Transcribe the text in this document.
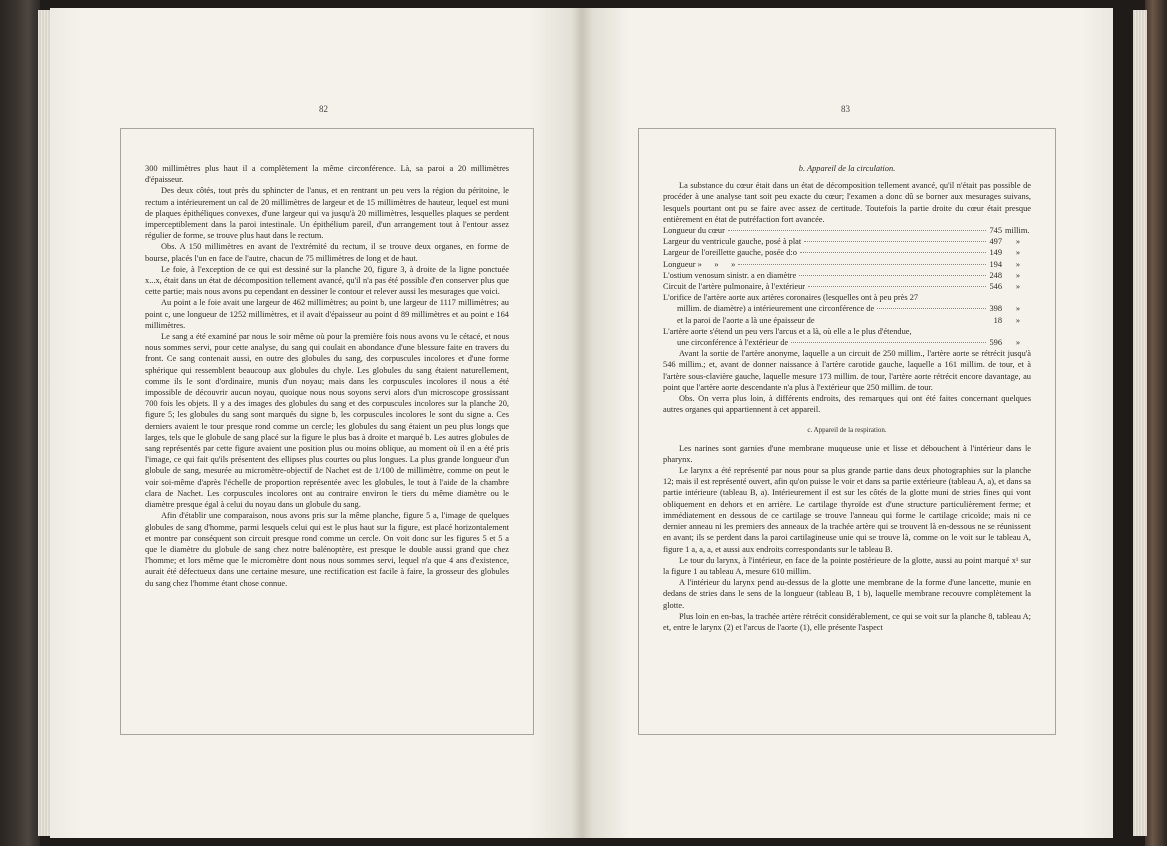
82

300 millimètres plus haut il a complètement la même circonférence. Là, sa paroi a 20 millimètres d'épaisseur.

Des deux côtés, tout près du sphincter de l'anus, et en rentrant un peu vers la région du péritoine, le rectum a intérieurement un cal de 20 millimètres de largeur et de 15 millimètres de hauteur, lequel est muni de plaques épithéliques convexes, d'une largeur qui va jusqu'à 20 millimètres, lesquelles plaques se perdent imperceptiblement dans la paroi intestinale. Un épithélium pareil, d'un arrangement tout à l'entour assez régulier de forme, se trouve plus haut dans le rectum.

Obs. A 150 millimètres en avant de l'extrémité du rectum, il se trouve deux organes, en forme de bourse, placés l'un en face de l'autre, chacun de 75 millimètres de long et de haut.

Le foie, à l'exception de ce qui est dessiné sur la planche 20, figure 3, à droite de la ligne ponctuée x...x, était dans un état de décomposition tellement avancé, qu'il n'a pas été possible d'en conserver plus que cette partie; mais nous avons pu cependant en dessiner le contour et relever aussi les mesurages que voici.

Au point a le foie avait une largeur de 462 millimètres; au point b, une largeur de 1117 millimètres; au point c, une longueur de 1252 millimètres, et il avait d'épaisseur au point d 89 millimètres et au point e 164 millimètres.

Le sang a été examiné par nous le soir même où pour la première fois nous avons vu le cétacé, et nous nous sommes servi, pour cette analyse, du sang qui coulait en abondance d'une blessure faite en travers du front. Ce sang contenait aussi, en outre des globules du sang, des corpuscules incolores et d'une forme sphérique qui ressemblent beaucoup aux globules du chyle. Les globules du sang étaient naturellement, comme ils le sont d'ordinaire, munis d'un noyau; mais dans les corpuscules incolores il nous a été impossible de découvrir aucun noyau, quoique nous nous soyons servi alors d'un microscope grossissant 700 fois les objets. Il y a des images des globules du sang et des corpuscules incolores sur la planche 20, figure 5; les globules du sang sont marqués du signe b, les corpuscules incolores le sont du signe a. Ces derniers avaient le tour presque rond comme un cercle; les globules du sang étaient un peu plus longs que larges, tels que le globule de sang placé sur la figure le plus bas à droite et marqué b. Les autres globules de sang représentés par cette figure avaient une position plus ou moins oblique, au moment où il en a été pris l'image, ce qui fait qu'ils présentent des ellipses plus courtes ou plus longues. La plus grande longueur d'un globule de sang, mesurée au micromètre-objectif de Nachet est de 1/100 de millimètre, comme on peut le voir soi-même d'après l'échelle de proportion représentée avec les globules, le tout à l'aide de la chambre clara de Nachet. Les corpuscules incolores ont au contraire environ le tiers du même diamètre ou le diamètre presque égal à celui du noyau dans un globule du sang.

Afin d'établir une comparaison, nous avons pris sur la même planche, figure 5 a, l'image de quelques globules de sang d'homme, parmi lesquels celui qui est le plus haut sur la figure, est placé horizontalement et montre par conséquent son circuit presque rond comme un cercle. On voit donc sur les figures 5 et 5 a que le diamètre du globule de sang chez notre balénoptère, est presque le double aussi grand que chez l'homme; et lors même que le micromètre dont nous nous sommes servi, lequel n'a que 4 ans d'existence, aurait été défectueux dans une certaine mesure, une rectification est facile à faire, la grosseur des globules du sang chez l'homme étant chose connue.

83
b. Appareil de la circulation.

La substance du cœur était dans un état de décomposition tellement avancé, qu'il n'était pas possible de procéder à une analyse tant soit peu exacte du cœur; l'examen a donc dû se borner aux mesurages suivans, lesquels pourtant ont pu se faire avec assez de certitude. Toutefois la partie droite du cœur était presque entièrement en état de putréfaction fort avancée.

Longueur du cœur	745 millim.
Largeur du ventricule gauche, posé à plat	497	»
Largeur de l'oreillette gauche, posée d:o	149	»
Longueur »      »      »	194	»
L'ostium venosum sinistr. a en diamètre	248	»
Circuit de l'artère pulmonaire, à l'extérieur	546	»
L'orifice de l'artère aorte aux artères coronaires (lesquelles ont à peu près 27
millim. de diamètre) a intérieurement une circonférence de	398	»
et la paroi de l'aorte a là une épaisseur de	18	»
L'artère aorte s'étend un peu vers l'arcus et a là, où elle a le plus d'étendue,
une circonférence à l'extérieur de	596	»

Avant la sortie de l'artère anonyme, laquelle a un circuit de 250 millim., l'artère aorte se rétrécit jusqu'à 546 millim.; et, avant de donner naissance à l'artère carotide gauche, laquelle a 161 millim. de tour, et à l'artère sous-clavière gauche, laquelle mesure 173 millim. de tour, l'artère aorte rétrécit encore davantage, au point que l'artère aorte descendante n'a plus à l'extérieur que 250 millim. de tour.

Obs. On verra plus loin, à différents endroits, des remarques qui ont été faites concernant quelques autres organes qui appartiennent à cet appareil.

c. Appareil de la respiration.

Les narines sont garnies d'une membrane muqueuse unie et lisse et débouchent à l'intérieur dans le pharynx.

Le larynx a été représenté par nous pour sa plus grande partie dans deux photographies sur la planche 12; mais il est représenté ouvert, afin qu'on puisse le voir et dans sa partie extérieure (tableau A, a), et dans sa partie intérieure (tableau B, a). Intérieurement il est sur les côtés de la glotte muni de stries fines qui vont obliquement en dehors et en arrière. Le cartilage thyroïde est d'une structure particulièrement ferme; et immédiatement en dessous de ce cartilage se trouve l'anneau qui forme le cartilage cricoïde; mais ni ce dernier anneau ni les premiers des anneaux de la trachée artère qui se trouvent là en-dessous ne se réunissent en avant; ils se perdent dans la paroi cartilagineuse unie qui se trouve là, comme on le voit sur le tableau A, figure 1 a, a, a, et aussi aux endroits correspondants sur le tableau B.

Le tour du larynx, à l'intérieur, en face de la pointe postérieure de la glotte, aussi au point marqué x¹ sur la figure 1 au tableau A, mesure 610 millim.

A l'intérieur du larynx pend au-dessus de la glotte une membrane de la forme d'une lancette, munie en dedans de stries dans le sens de la longueur (tableau B, 1 b), laquelle membrane recouvre complètement la glotte.

Plus loin en en-bas, la trachée artère rétrécit considérablement, ce qui se voit sur la planche 8, tableau A; et, entre le larynx (2) et l'arcus de l'aorte (1), elle présente l'aspect
